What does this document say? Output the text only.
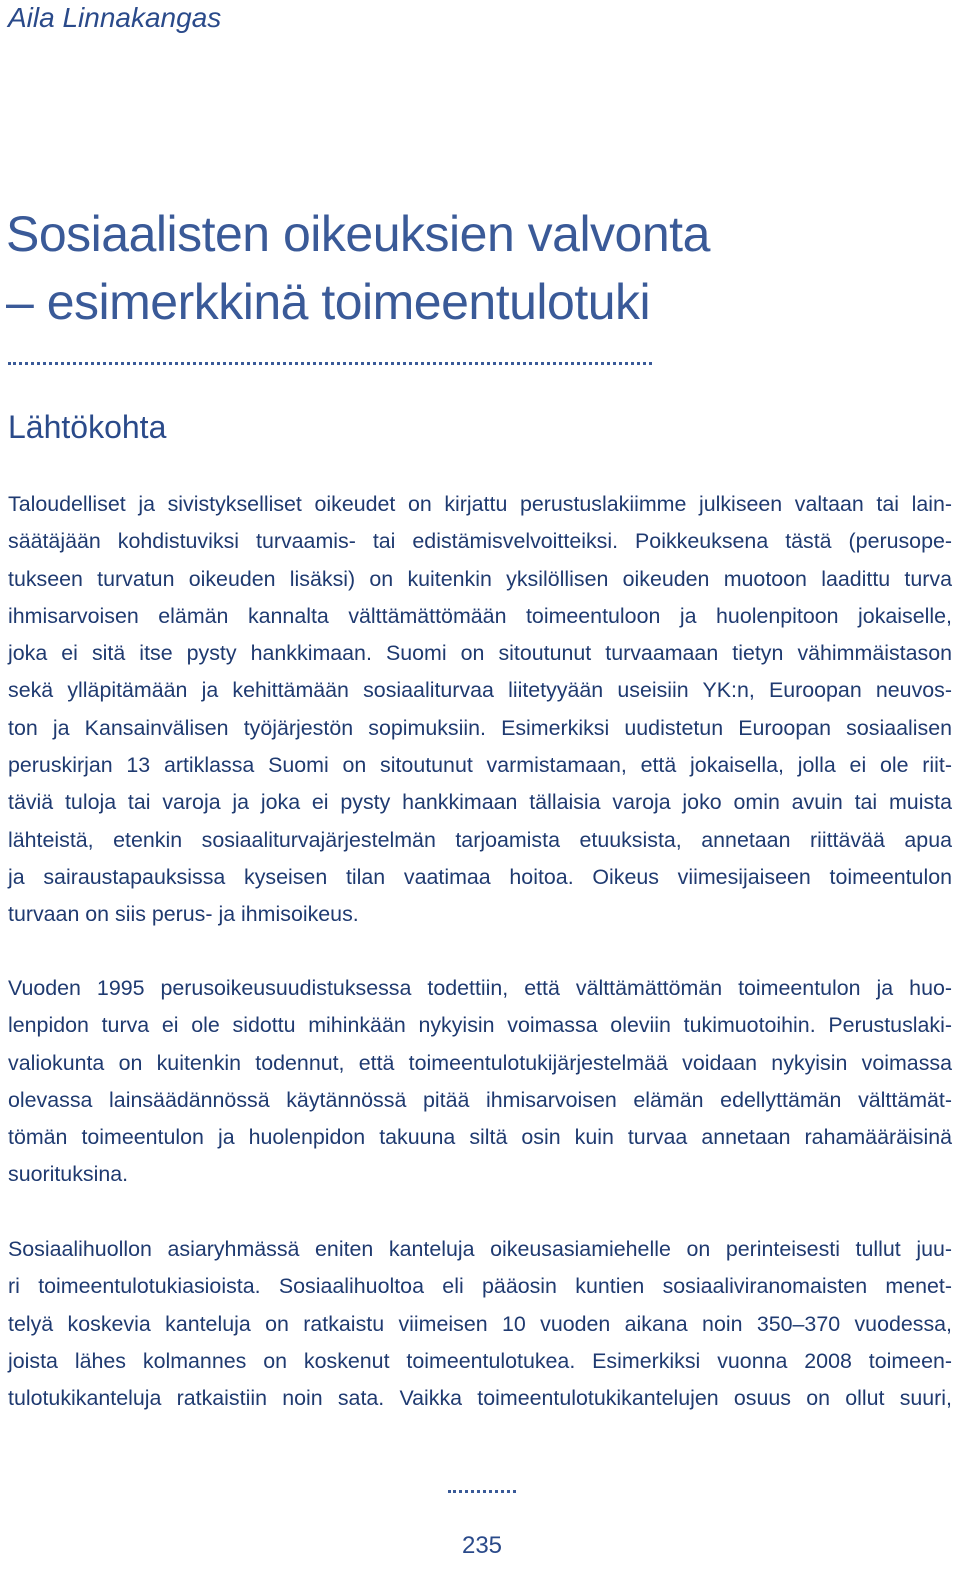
Aila Linnakangas

Sosiaalisten oikeuksien valvonta
– esimerkkinä toimeentulotuki
Lähtökohta
Taloudelliset ja sivistykselliset oikeudet on kirjattu perustuslakiimme julkiseen valtaan tai lain-
säätäjään kohdistuviksi turvaamis- tai edistämisvelvoitteiksi. Poikkeuksena tästä (perusope-
tukseen turvatun oikeuden lisäksi) on kuitenkin yksilöllisen oikeuden muotoon laadittu turva
ihmisarvoisen elämän kannalta välttämättömään toimeentuloon ja huolenpitoon jokaiselle,
joka ei sitä itse pysty hankkimaan. Suomi on sitoutunut turvaamaan tietyn vähimmäistason
sekä ylläpitämään ja kehittämään sosiaaliturvaa liitetyyään useisiin YK:n, Euroopan neuvos-
ton ja Kansainvälisen työjärjestön sopimuksiin. Esimerkiksi uudistetun Euroopan sosiaalisen
peruskirjan 13 artiklassa Suomi on sitoutunut varmistamaan, että jokaisella, jolla ei ole riit-
täviä tuloja tai varoja ja joka ei pysty hankkimaan tällaisia varoja joko omin avuin tai muista
lähteistä, etenkin sosiaaliturvajärjestelmän tarjoamista etuuksista, annetaan riittävää apua
ja sairaustapauksissa kyseisen tilan vaatimaa hoitoa. Oikeus viimesijaiseen toimeentulon
turvaan on siis perus- ja ihmisoikeus.
Vuoden 1995 perusoikeusuudistuksessa todettiin, että välttämättömän toimeentulon ja huo-
lenpidon turva ei ole sidottu mihinkään nykyisin voimassa oleviin tukimuotoihin. Perustuslaki-
valiokunta on kuitenkin todennut, että toimeentulotukijärjestelmää voidaan nykyisin voimassa
olevassa lainsäädännössä käytännössä pitää ihmisarvoisen elämän edellyttämän välttämät-
tömän toimeentulon ja huolenpidon takuuna siltä osin kuin turvaa annetaan rahamääräisinä
suorituksina.
Sosiaalihuollon asiaryhmässä eniten kanteluja oikeusasiamiehelle on perinteisesti tullut juu-
ri toimeentulotukiasioista. Sosiaalihuoltoa eli pääosin kuntien sosiaaliviranomaisten menet-
telyä koskevia kanteluja on ratkaistu viimeisen 10 vuoden aikana noin 350–370 vuodessa,
joista lähes kolmannes on koskenut toimeentulotukea. Esimerkiksi vuonna 2008 toimeen-
tulotukikanteluja ratkaistiin noin sata. Vaikka toimeentulotukikantelujen osuus on ollut suuri,
235
